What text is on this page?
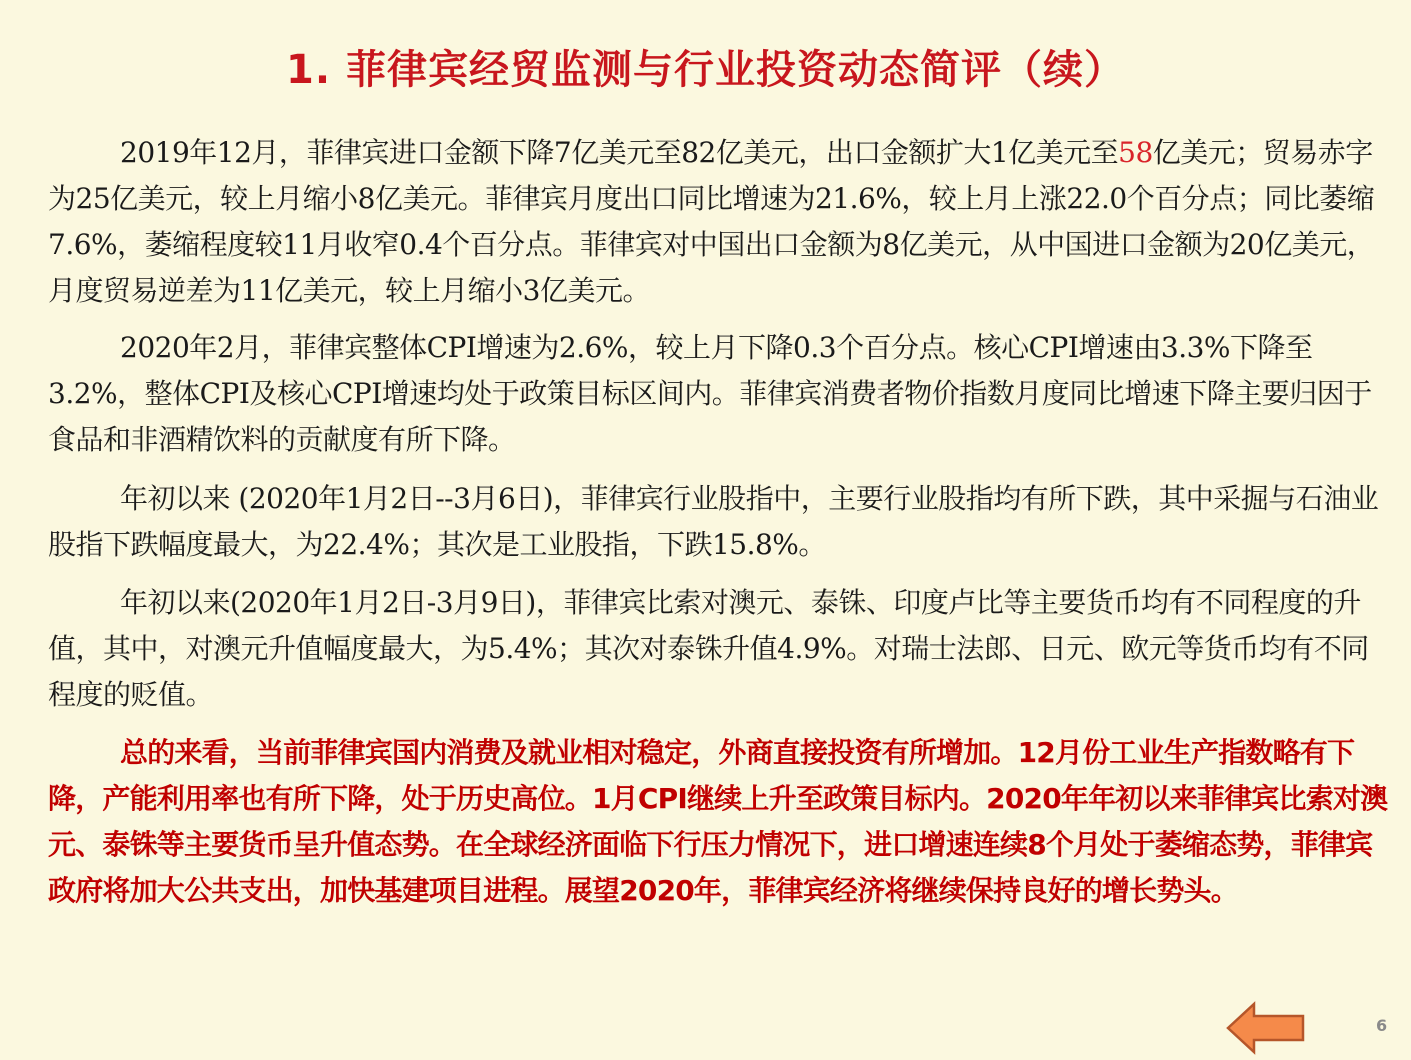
1. 菲律宾经贸监测与行业投资动态简评（续）

2019年12月，菲律宾进口金额下降7亿美元至82亿美元，出口金额扩大1亿美元至58亿美元；贸易赤字为25亿美元，较上月缩小8亿美元。菲律宾月度出口同比增速为21.6%，较上月上涨22.0个百分点；同比萎缩7.6%，萎缩程度较11月收窄0.4个百分点。菲律宾对中国出口金额为8亿美元，从中国进口金额为20亿美元，月度贸易逆差为11亿美元，较上月缩小3亿美元。

2020年2月，菲律宾整体CPI增速为2.6%，较上月下降0.3个百分点。核心CPI增速由3.3%下降至3.2%，整体CPI及核心CPI增速均处于政策目标区间内。菲律宾消费者物价指数月度同比增速下降主要归因于食品和非酒精饮料的贡献度有所下降。

年初以来 (2020年1月2日--3月6日)，菲律宾行业股指中，主要行业股指均有所下跌，其中采掘与石油业股指下跌幅度最大，为22.4%；其次是工业股指，下跌15.8%。

年初以来(2020年1月2日-3月9日)，菲律宾比索对澳元、泰铢、印度卢比等主要货币均有不同程度的升值，其中，对澳元升值幅度最大，为5.4%；其次对泰铢升值4.9%。对瑞士法郎、日元、欧元等货币均有不同程度的贬值。

总的来看，当前菲律宾国内消费及就业相对稳定，外商直接投资有所增加。12月份工业生产指数略有下降，产能利用率也有所下降，处于历史高位。1月CPI继续上升至政策目标内。2020年年初以来菲律宾比索对澳元、泰铢等主要货币呈升值态势。在全球经济面临下行压力情况下，进口增速连续8个月处于萎缩态势，菲律宾政府将加大公共支出，加快基建项目进程。展望2020年，菲律宾经济将继续保持良好的增长势头。

6
